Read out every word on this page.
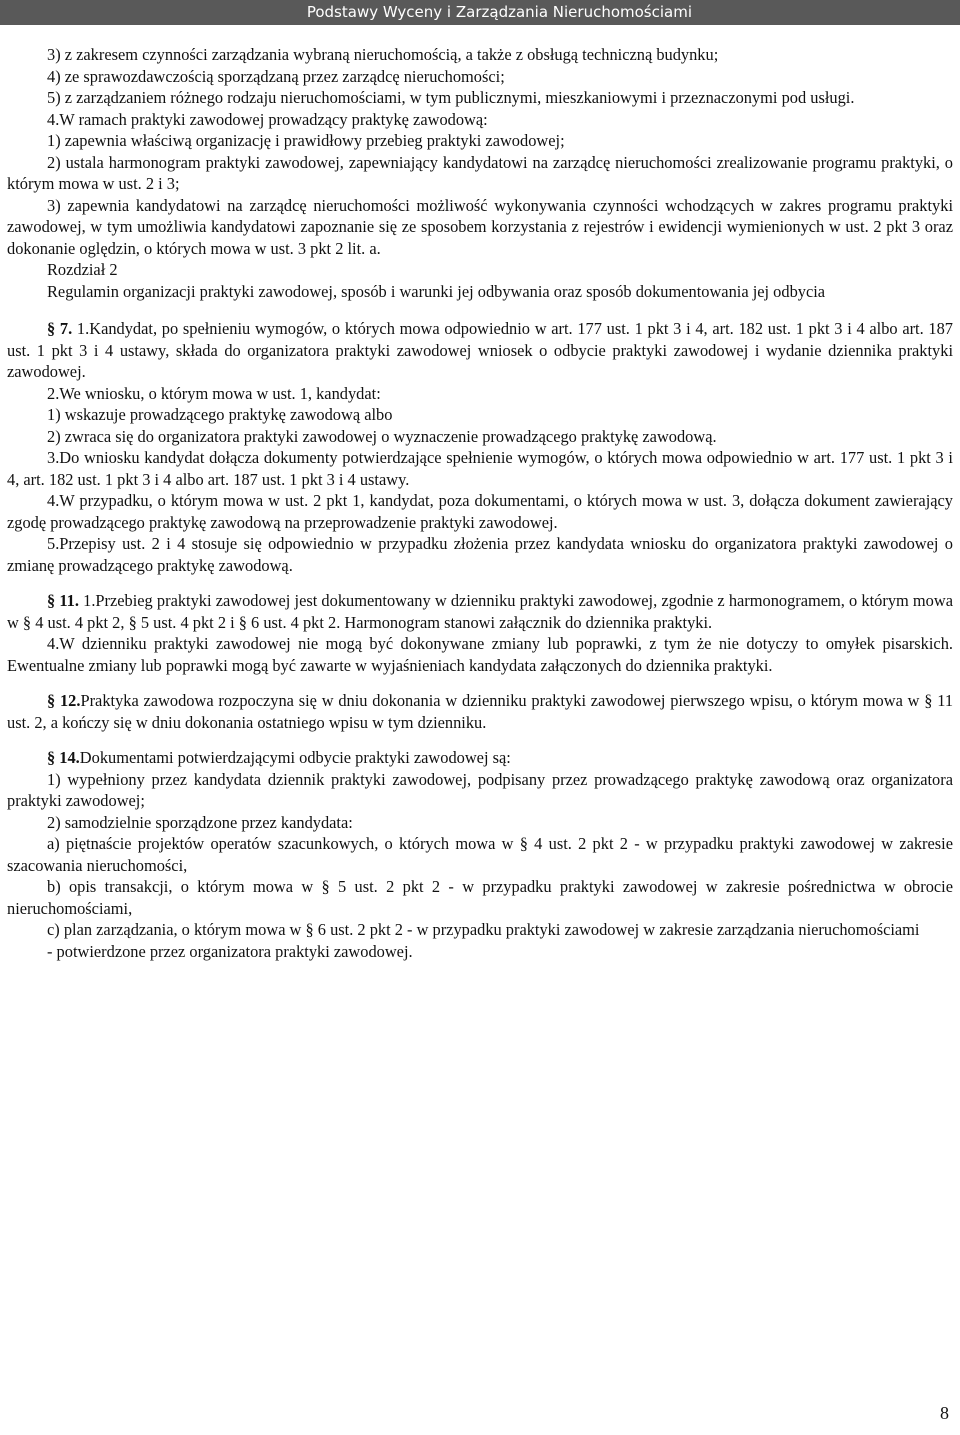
Podstawy Wyceny i Zarządzania Nieruchomościami

3) z zakresem czynności zarządzania wybraną nieruchomością, a także z obsługą techniczną budynku;

4) ze sprawozdawczością sporządzaną przez zarządcę nieruchomości;

5) z zarządzaniem różnego rodzaju nieruchomościami, w tym publicznymi, mieszkaniowymi i przeznaczonymi pod usługi.

4.W ramach praktyki zawodowej prowadzący praktykę zawodową:

1) zapewnia właściwą organizację i prawidłowy przebieg praktyki zawodowej;

2) ustala harmonogram praktyki zawodowej, zapewniający kandydatowi na zarządcę nieruchomości zrealizowanie programu praktyki, o którym mowa w ust. 2 i 3;

3) zapewnia kandydatowi na zarządcę nieruchomości możliwość wykonywania czynności wchodzących w zakres programu praktyki zawodowej, w tym umożliwia kandydatowi zapoznanie się ze sposobem korzystania z rejestrów i ewidencji wymienionych w ust. 2 pkt 3 oraz dokonanie oględzin, o których mowa w ust. 3 pkt 2 lit. a.

Rozdział 2

Regulamin organizacji praktyki zawodowej, sposób i warunki jej odbywania oraz sposób dokumentowania jej odbycia

§ 7. 1.Kandydat, po spełnieniu wymogów, o których mowa odpowiednio w art. 177 ust. 1 pkt 3 i 4, art. 182 ust. 1 pkt 3 i 4 albo art. 187 ust. 1 pkt 3 i 4 ustawy, składa do organizatora praktyki zawodowej wniosek o odbycie praktyki zawodowej i wydanie dziennika praktyki zawodowej.

2.We wniosku, o którym mowa w ust. 1, kandydat:

1) wskazuje prowadzącego praktykę zawodową albo

2) zwraca się do organizatora praktyki zawodowej o wyznaczenie prowadzącego praktykę zawodową.

3.Do wniosku kandydat dołącza dokumenty potwierdzające spełnienie wymogów, o których mowa odpowiednio w art. 177 ust. 1 pkt 3 i 4, art. 182 ust. 1 pkt 3 i 4 albo art. 187 ust. 1 pkt 3 i 4 ustawy.

4.W przypadku, o którym mowa w ust. 2 pkt 1, kandydat, poza dokumentami, o których mowa w ust. 3, dołącza dokument zawierający zgodę prowadzącego praktykę zawodową na przeprowadzenie praktyki zawodowej.

5.Przepisy ust. 2 i 4 stosuje się odpowiednio w przypadku złożenia przez kandydata wniosku do organizatora praktyki zawodowej o zmianę prowadzącego praktykę zawodową.

§ 11. 1.Przebieg praktyki zawodowej jest dokumentowany w dzienniku praktyki zawodowej, zgodnie z harmonogramem, o którym mowa w § 4 ust. 4 pkt 2, § 5 ust. 4 pkt 2 i § 6 ust. 4 pkt 2. Harmonogram stanowi załącznik do dziennika praktyki.

4.W dzienniku praktyki zawodowej nie mogą być dokonywane zmiany lub poprawki, z tym że nie dotyczy to omyłek pisarskich. Ewentualne zmiany lub poprawki mogą być zawarte w wyjaśnieniach kandydata załączonych do dziennika praktyki.

§ 12.Praktyka zawodowa rozpoczyna się w dniu dokonania w dzienniku praktyki zawodowej pierwszego wpisu, o którym mowa w § 11 ust. 2, a kończy się w dniu dokonania ostatniego wpisu w tym dzienniku.

§ 14.Dokumentami potwierdzającymi odbycie praktyki zawodowej są:

1) wypełniony przez kandydata dziennik praktyki zawodowej, podpisany przez prowadzącego praktykę zawodową oraz organizatora praktyki zawodowej;

2) samodzielnie sporządzone przez kandydata:

a) piętnaście projektów operatów szacunkowych, o których mowa w § 4 ust. 2 pkt 2 - w przypadku praktyki zawodowej w zakresie szacowania nieruchomości,

b) opis transakcji, o którym mowa w § 5 ust. 2 pkt 2 - w przypadku praktyki zawodowej w zakresie pośrednictwa w obrocie nieruchomościami,

c) plan zarządzania, o którym mowa w § 6 ust. 2 pkt 2 - w przypadku praktyki zawodowej w zakresie zarządzania nieruchomościami

- potwierdzone przez organizatora praktyki zawodowej.

8
